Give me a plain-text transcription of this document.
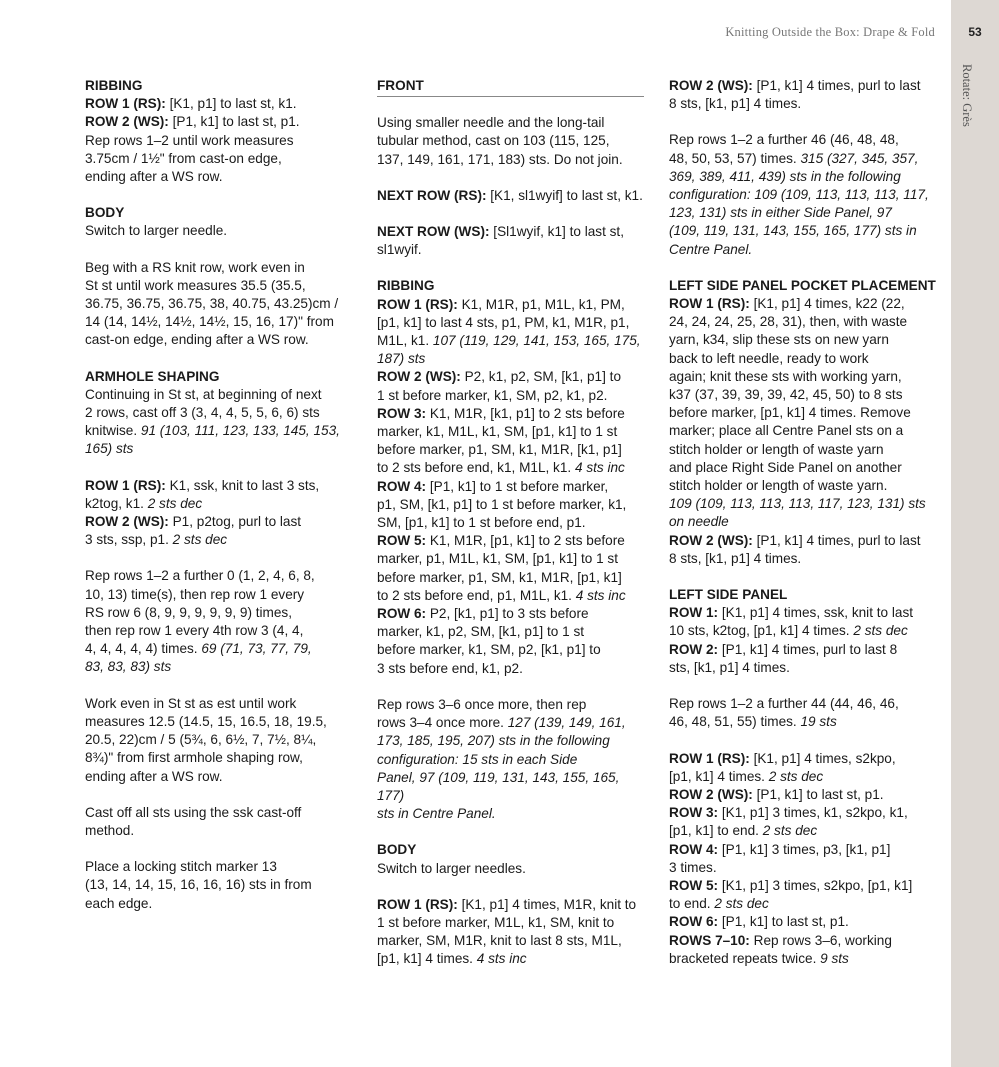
Knitting Outside the Box: Drape & Fold	53
Rotate: Grès
RIBBING
ROW 1 (RS): [K1, p1] to last st, k1.
ROW 2 (WS): [P1, k1] to last st, p1.
Rep rows 1–2 until work measures
3.75cm / 1½" from cast-on edge,
ending after a WS row.
BODY
Switch to larger needle.
Beg with a RS knit row, work even in
St st until work measures 35.5 (35.5,
36.75, 36.75, 36.75, 38, 40.75, 43.25)cm /
14 (14, 14½, 14½, 14½, 15, 16, 17)" from
cast-on edge, ending after a WS row.
ARMHOLE SHAPING
Continuing in St st, at beginning of next
2 rows, cast off 3 (3, 4, 4, 5, 5, 6, 6) sts
knitwise. 91 (103, 111, 123, 133, 145, 153,
165) sts
ROW 1 (RS): K1, ssk, knit to last 3 sts,
k2tog, k1. 2 sts dec
ROW 2 (WS): P1, p2tog, purl to last
3 sts, ssp, p1. 2 sts dec
Rep rows 1–2 a further 0 (1, 2, 4, 6, 8,
10, 13) time(s), then rep row 1 every
RS row 6 (8, 9, 9, 9, 9, 9, 9) times,
then rep row 1 every 4th row 3 (4, 4,
4, 4, 4, 4, 4) times. 69 (71, 73, 77, 79,
83, 83, 83) sts
Work even in St st as est until work
measures 12.5 (14.5, 15, 16.5, 18, 19.5,
20.5, 22)cm / 5 (5¾, 6, 6½, 7, 7½, 8¼,
8¾)" from first armhole shaping row,
ending after a WS row.
Cast off all sts using the ssk cast-off
method.
Place a locking stitch marker 13
(13, 14, 14, 15, 16, 16, 16) sts in from
each edge.
FRONT
Using smaller needle and the long-tail
tubular method, cast on 103 (115, 125,
137, 149, 161, 171, 183) sts. Do not join.
NEXT ROW (RS): [K1, sl1wyif] to last st, k1.
NEXT ROW (WS): [Sl1wyif, k1] to last st,
sl1wyif.
RIBBING
ROW 1 (RS): K1, M1R, p1, M1L, k1, PM,
[p1, k1] to last 4 sts, p1, PM, k1, M1R, p1,
M1L, k1. 107 (119, 129, 141, 153, 165, 175,
187) sts
ROW 2 (WS): P2, k1, p2, SM, [k1, p1] to
1 st before marker, k1, SM, p2, k1, p2.
ROW 3: K1, M1R, [k1, p1] to 2 sts before
marker, k1, M1L, k1, SM, [p1, k1] to 1 st
before marker, p1, SM, k1, M1R, [k1, p1]
to 2 sts before end, k1, M1L, k1. 4 sts inc
ROW 4: [P1, k1] to 1 st before marker,
p1, SM, [k1, p1] to 1 st before marker, k1,
SM, [p1, k1] to 1 st before end, p1.
ROW 5: K1, M1R, [p1, k1] to 2 sts before
marker, p1, M1L, k1, SM, [p1, k1] to 1 st
before marker, p1, SM, k1, M1R, [p1, k1]
to 2 sts before end, p1, M1L, k1. 4 sts inc
ROW 6: P2, [k1, p1] to 3 sts before
marker, k1, p2, SM, [k1, p1] to 1 st
before marker, k1, SM, p2, [k1, p1] to
3 sts before end, k1, p2.
Rep rows 3–6 once more, then rep
rows 3–4 once more. 127 (139, 149, 161,
173, 185, 195, 207) sts in the following
configuration: 15 sts in each Side
Panel, 97 (109, 119, 131, 143, 155, 165, 177)
sts in Centre Panel.
BODY
Switch to larger needles.
ROW 1 (RS): [K1, p1] 4 times, M1R, knit to
1 st before marker, M1L, k1, SM, knit to
marker, SM, M1R, knit to last 8 sts, M1L,
[p1, k1] 4 times. 4 sts inc
ROW 2 (WS): [P1, k1] 4 times, purl to last
8 sts, [k1, p1] 4 times.
Rep rows 1–2 a further 46 (46, 48, 48,
48, 50, 53, 57) times. 315 (327, 345, 357,
369, 389, 411, 439) sts in the following
configuration: 109 (109, 113, 113, 113, 117,
123, 131) sts in either Side Panel, 97
(109, 119, 131, 143, 155, 165, 177) sts in
Centre Panel.
LEFT SIDE PANEL POCKET PLACEMENT
ROW 1 (RS): [K1, p1] 4 times, k22 (22,
24, 24, 24, 25, 28, 31), then, with waste
yarn, k34, slip these sts on new yarn
back to left needle, ready to work
again; knit these sts with working yarn,
k37 (37, 39, 39, 39, 42, 45, 50) to 8 sts
before marker, [p1, k1] 4 times. Remove
marker; place all Centre Panel sts on a
stitch holder or length of waste yarn
and place Right Side Panel on another
stitch holder or length of waste yarn.
109 (109, 113, 113, 113, 117, 123, 131) sts
on needle
ROW 2 (WS): [P1, k1] 4 times, purl to last
8 sts, [k1, p1] 4 times.
LEFT SIDE PANEL
ROW 1: [K1, p1] 4 times, ssk, knit to last
10 sts, k2tog, [p1, k1] 4 times. 2 sts dec
ROW 2: [P1, k1] 4 times, purl to last 8
sts, [k1, p1] 4 times.
Rep rows 1–2 a further 44 (44, 46, 46,
46, 48, 51, 55) times. 19 sts
ROW 1 (RS): [K1, p1] 4 times, s2kpo,
[p1, k1] 4 times. 2 sts dec
ROW 2 (WS): [P1, k1] to last st, p1.
ROW 3: [K1, p1] 3 times, k1, s2kpo, k1,
[p1, k1] to end. 2 sts dec
ROW 4: [P1, k1] 3 times, p3, [k1, p1]
3 times.
ROW 5: [K1, p1] 3 times, s2kpo, [p1, k1]
to end. 2 sts dec
ROW 6: [P1, k1] to last st, p1.
ROWS 7–10: Rep rows 3–6, working
bracketed repeats twice. 9 sts
